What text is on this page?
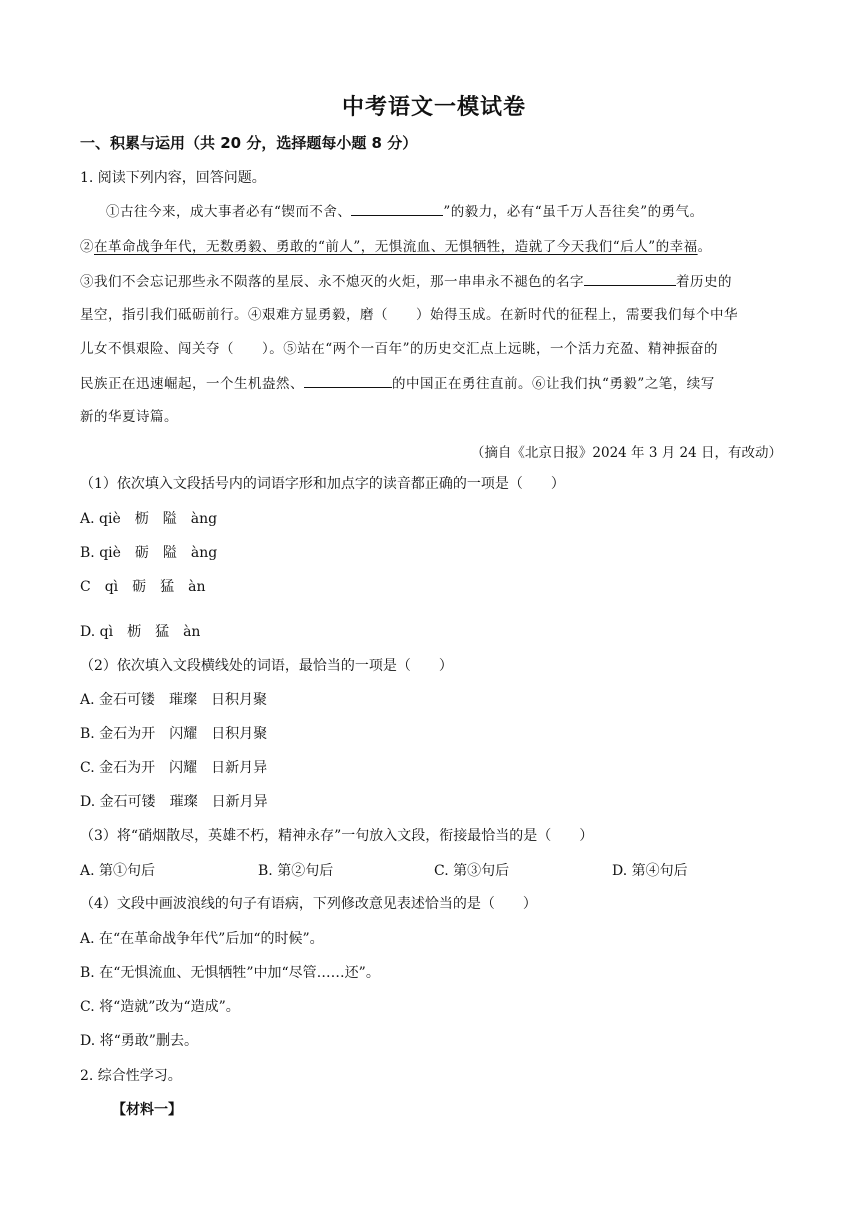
中考语文一模试卷
一、积累与运用（共 20 分，选择题每小题 8 分）
1. 阅读下列内容，回答问题。
①古往今来，成大事者必有“锲而不舍、	”的毅力，必有“虽千万人吾往矣”的勇气。
②在革命战争年代，无数勇毅、勇敢的“前人”，无惧流血、无惧牺牲，造就了今天我们“后人”的幸福。
③我们不会忘记那些永不陨落的星辰、永不熄灭的火炬，那一串串永不褪色的名字	着历史的
星空，指引我们砥砺前行。④艰难方显勇毅，磨（　　）始得玉成。在新时代的征程上，需要我们每个中华
儿女不惧艰险、闯关夺（　　）。⑤站在“两个一百年”的历史交汇点上远眺，一个活力充盈、精神振奋的
民族正在迅速崛起，一个生机盎然、	的中国正在勇往直前。⑥让我们执“勇毅”之笔，续写
新的华夏诗篇。
（摘自《北京日报》2024 年 3 月 24 日，有改动）
（1）依次填入文段括号内的词语字形和加点字的读音都正确的一项是（　　）
A. qiè　枥　隘　àng
B. qiè　砺　隘　àng
C　qì　砺　猛　àn
D. qì　枥　猛　àn
（2）依次填入文段横线处的词语，最恰当的一项是（　　）
A. 金石可镂　璀璨　日积月聚
B. 金石为开　闪耀　日积月聚
C. 金石为开　闪耀　日新月异
D. 金石可镂　璀璨　日新月异
（3）将“硝烟散尽，英雄不朽，精神永存”一句放入文段，衔接最恰当的是（　　）
A. 第①句后	B. 第②句后	C. 第③句后	D. 第④句后
（4）文段中画波浪线的句子有语病，下列修改意见表述恰当的是（　　）
A. 在“在革命战争年代”后加“的时候”。
B. 在“无惧流血、无惧牺牲”中加“尽管……还”。
C. 将“造就”改为“造成”。
D. 将“勇敢”删去。
2. 综合性学习。
【材料一】
